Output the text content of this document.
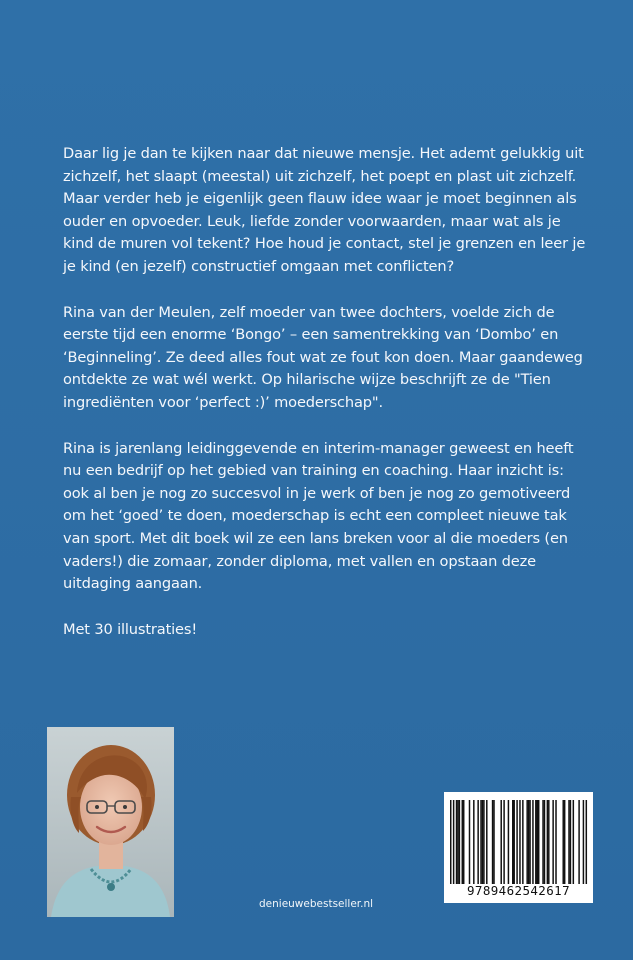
Daar lig je dan te kijken naar dat nieuwe mensje. Het ademt gelukkig uit zichzelf, het slaapt (meestal) uit zichzelf, het poept en plast uit zichzelf. Maar verder heb je eigenlijk geen flauw idee waar je moet beginnen als ouder en opvoeder. Leuk, liefde zonder voorwaarden, maar wat als je kind de muren vol tekent? Hoe houd je contact, stel je grenzen en leer je je kind (en jezelf) constructief omgaan met conflicten?

Rina van der Meulen, zelf moeder van twee dochters, voelde zich de eerste tijd een enorme ‘Bongo’ – een samentrekking van ‘Dombo’ en ‘Beginneling’. Ze deed alles fout wat ze fout kon doen. Maar gaandeweg ontdekte ze wat wél werkt. Op hilarische wijze beschrijft ze de "Tien ingrediënten voor ‘perfect :)’ moederschap".

Rina is jarenlang leidinggevende en interim-manager geweest en heeft nu een bedrijf op het gebied van training en coaching. Haar inzicht is: ook al ben je nog zo succesvol in je werk of ben je nog zo gemotiveerd om het ‘goed’ te doen, moederschap is echt een compleet nieuwe tak van sport. Met dit boek wil ze een lans breken voor al die moeders (en vaders!) die zomaar, zonder diploma, met vallen en opstaan deze uitdaging aangaan.

Met 30 illustraties!

denieuwebestseller.nl
9789462542617
